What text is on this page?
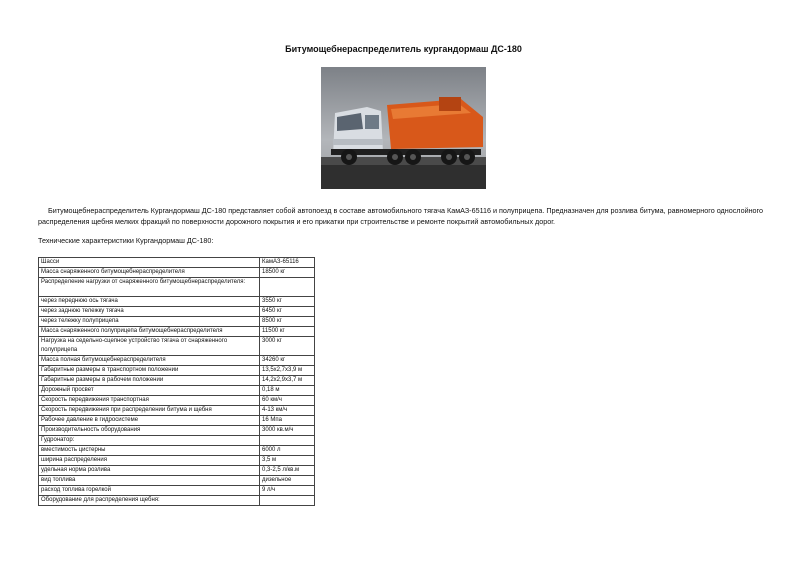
Битумощебнераспределитель кургандормаш ДС-180
Битумощебнераспределитель Кургандормаш ДС-180 представляет собой автопоезд в составе автомобильного тягача КамАЗ-65116 и полуприцепа. Предназначен для розлива битума, равномерного однослойного распределения щебня мелких фракций по поверхности дорожного покрытия и его прикатки при строительстве и ремонте покрытий автомобильных дорог.
Технические характеристики Кургандормаш ДС-180:
Шасси	КамАЗ-65116
Масса снаряженного битумощебнераспределителя	18500 кг
Распределение нагрузки от снаряженного битумощебнераспределителя:	
через переднюю ось тягача	3550 кг
через заднюю тележку тягача	6450 кг
через тележку полуприцепа	8500 кг
Масса снаряженного полуприцепа битумощебнераспределителя	11500 кг
Нагрузка на седельно-сцепное устройство тягача от снаряженного полуприцепа	3000 кг
Масса полная битумощебнераспределителя	34260 кг
Габаритные размеры в транспортном положении	13,5х2,7х3,9 м
Габаритные размеры в рабочем положении	14,2х2,9х3,7 м
Дорожный просвет	0,18 м
Скорость передвижения транспортная	60 км/ч
Скорость передвижения при распределении битума и щебня	4-13 км/ч
Рабочее давление в гидросистеме	16 Мпа
Производительность оборудования	3000 кв.м/ч
Гудронатор:	
вместимость цистерны	6000 л
ширина распределения	3,5 м
удельная норма розлива	0,3-2,5 л/кв.м
вид топлива	дизельное
расход топлива горелкой	9 л/ч
Оборудование для распределения щебня:	
